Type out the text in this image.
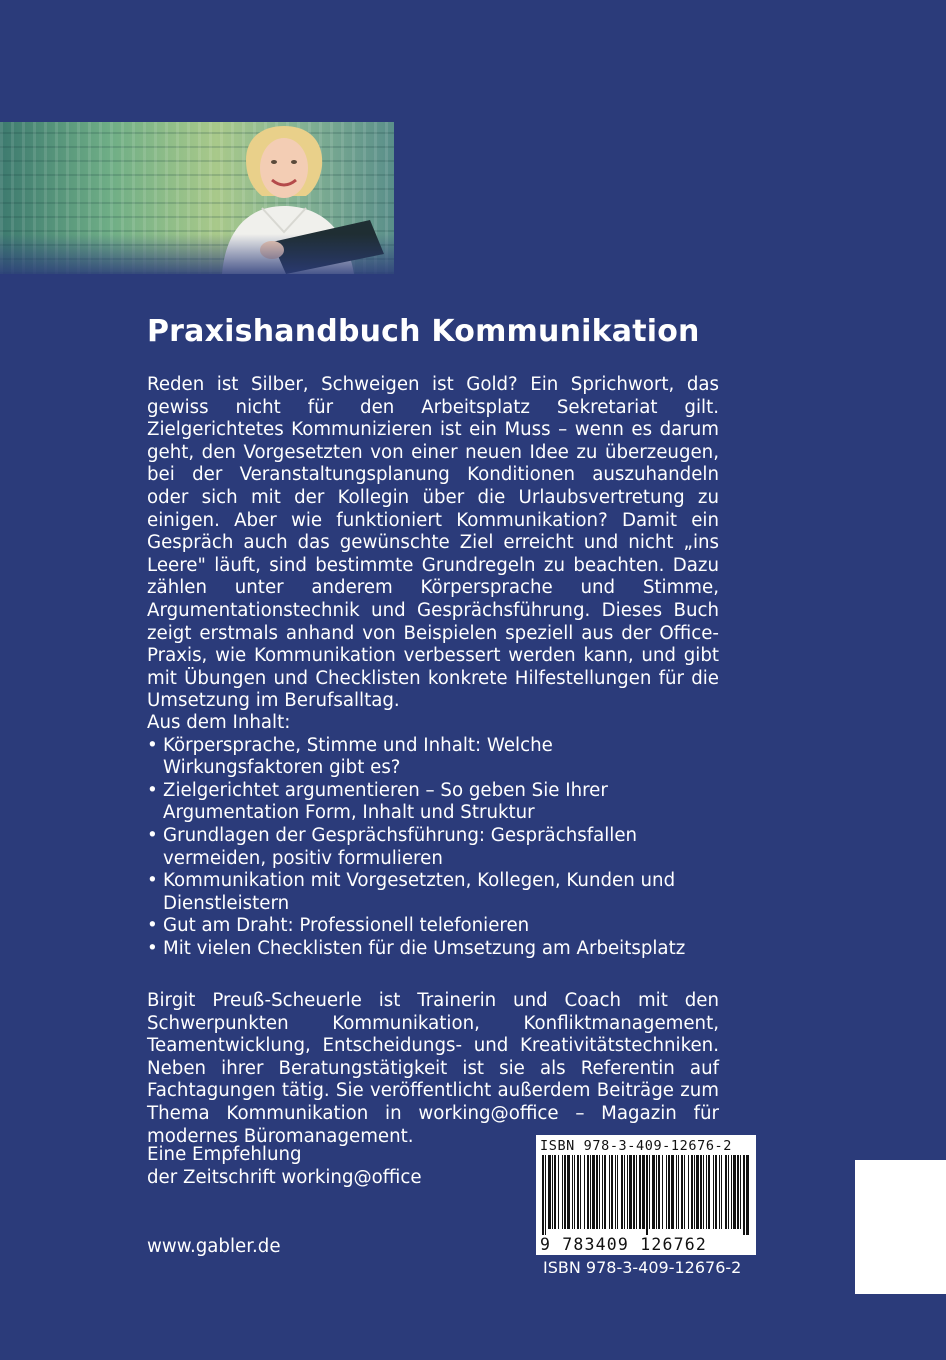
Praxishandbuch Kommunikation

Reden ist Silber, Schweigen ist Gold? Ein Sprichwort, das gewiss nicht für den Arbeitsplatz Sekretariat gilt. Zielgerichtetes Kommunizieren ist ein Muss – wenn es darum geht, den Vorgesetzten von einer neuen Idee zu überzeugen, bei der Veranstaltungsplanung Konditionen auszuhandeln oder sich mit der Kollegin über die Urlaubsvertretung zu einigen. Aber wie funktioniert Kommunikation? Damit ein Gespräch auch das gewünschte Ziel erreicht und nicht „ins Leere" läuft, sind bestimmte Grundregeln zu beachten. Dazu zählen unter anderem Körpersprache und Stimme, Argumentationstechnik und Gesprächsführung. Dieses Buch zeigt erstmals anhand von Beispielen speziell aus der Office-Praxis, wie Kommunikation verbessert werden kann, und gibt mit Übungen und Checklisten konkrete Hilfestellungen für die Umsetzung im Berufsalltag.

Aus dem Inhalt:

• Körpersprache, Stimme und Inhalt: Welche Wirkungsfaktoren gibt es?
• Zielgerichtet argumentieren – So geben Sie Ihrer Argumentation Form, Inhalt und Struktur
• Grundlagen der Gesprächsführung: Gesprächsfallen vermeiden, positiv formulieren
• Kommunikation mit Vorgesetzten, Kollegen, Kunden und Dienstleistern
• Gut am Draht: Professionell telefonieren
• Mit vielen Checklisten für die Umsetzung am Arbeitsplatz

Birgit Preuß-Scheuerle ist Trainerin und Coach mit den Schwerpunkten Kommunikation, Konfliktmanagement, Teamentwicklung, Entscheidungs- und Kreativitätstechniken. Neben ihrer Beratungstätigkeit ist sie als Referentin auf Fachtagungen tätig. Sie veröffentlicht außerdem Beiträge zum Thema Kommunikation in working@office – Magazin für modernes Büromanagement.

Eine Empfehlung
der Zeitschrift working@office
www.gabler.de
ISBN 978-3-409-12676-2
9 783409 126762
ISBN 978-3-409-12676-2
